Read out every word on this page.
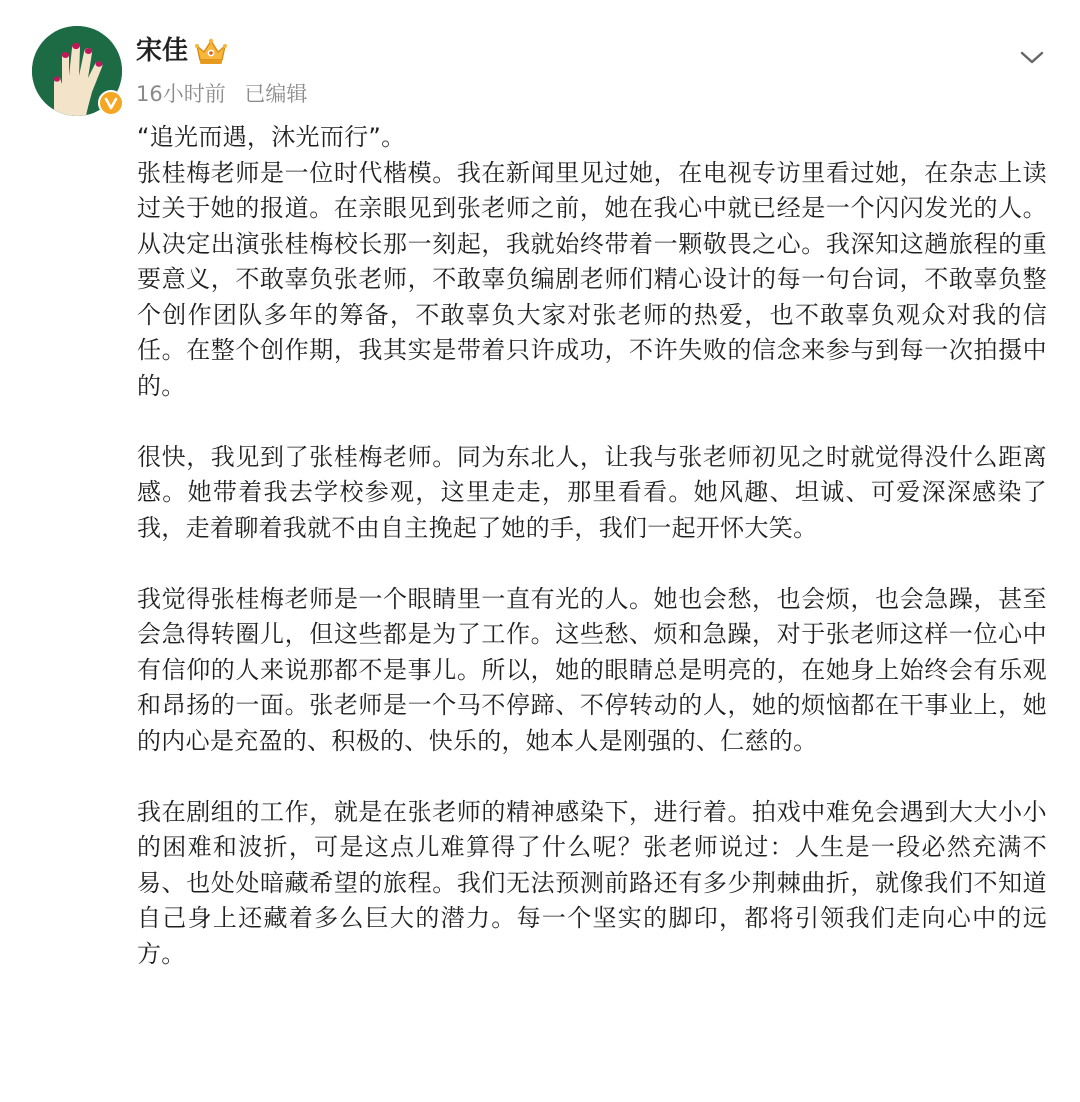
宋佳
16小时前 已编辑

“追光而遇，沐光而行”。
张桂梅老师是一位时代楷模。我在新闻里见过她，在电视专访里看过她，在杂志上读过关于她的报道。在亲眼见到张老师之前，她在我心中就已经是一个闪闪发光的人。从决定出演张桂梅校长那一刻起，我就始终带着一颗敬畏之心。我深知这趟旅程的重要意义，不敢辜负张老师，不敢辜负编剧老师们精心设计的每一句台词，不敢辜负整个创作团队多年的筹备，不敢辜负大家对张老师的热爱，也不敢辜负观众对我的信任。在整个创作期，我其实是带着只许成功，不许失败的信念来参与到每一次拍摄中的。

很快，我见到了张桂梅老师。同为东北人，让我与张老师初见之时就觉得没什么距离感。她带着我去学校参观，这里走走，那里看看。她风趣、坦诚、可爱深深感染了我，走着聊着我就不由自主挽起了她的手，我们一起开怀大笑。

我觉得张桂梅老师是一个眼睛里一直有光的人。她也会愁，也会烦，也会急躁，甚至会急得转圈儿，但这些都是为了工作。这些愁、烦和急躁，对于张老师这样一位心中有信仰的人来说那都不是事儿。所以，她的眼睛总是明亮的，在她身上始终会有乐观和昂扬的一面。张老师是一个马不停蹄、不停转动的人，她的烦恼都在干事业上，她的内心是充盈的、积极的、快乐的，她本人是刚强的、仁慈的。

我在剧组的工作，就是在张老师的精神感染下，进行着。拍戏中难免会遇到大大小小的困难和波折，可是这点儿难算得了什么呢？张老师说过：人生是一段必然充满不易、也处处暗藏希望的旅程。我们无法预测前路还有多少荆棘曲折，就像我们不知道自己身上还藏着多么巨大的潜力。每一个坚实的脚印，都将引领我们走向心中的远方。
